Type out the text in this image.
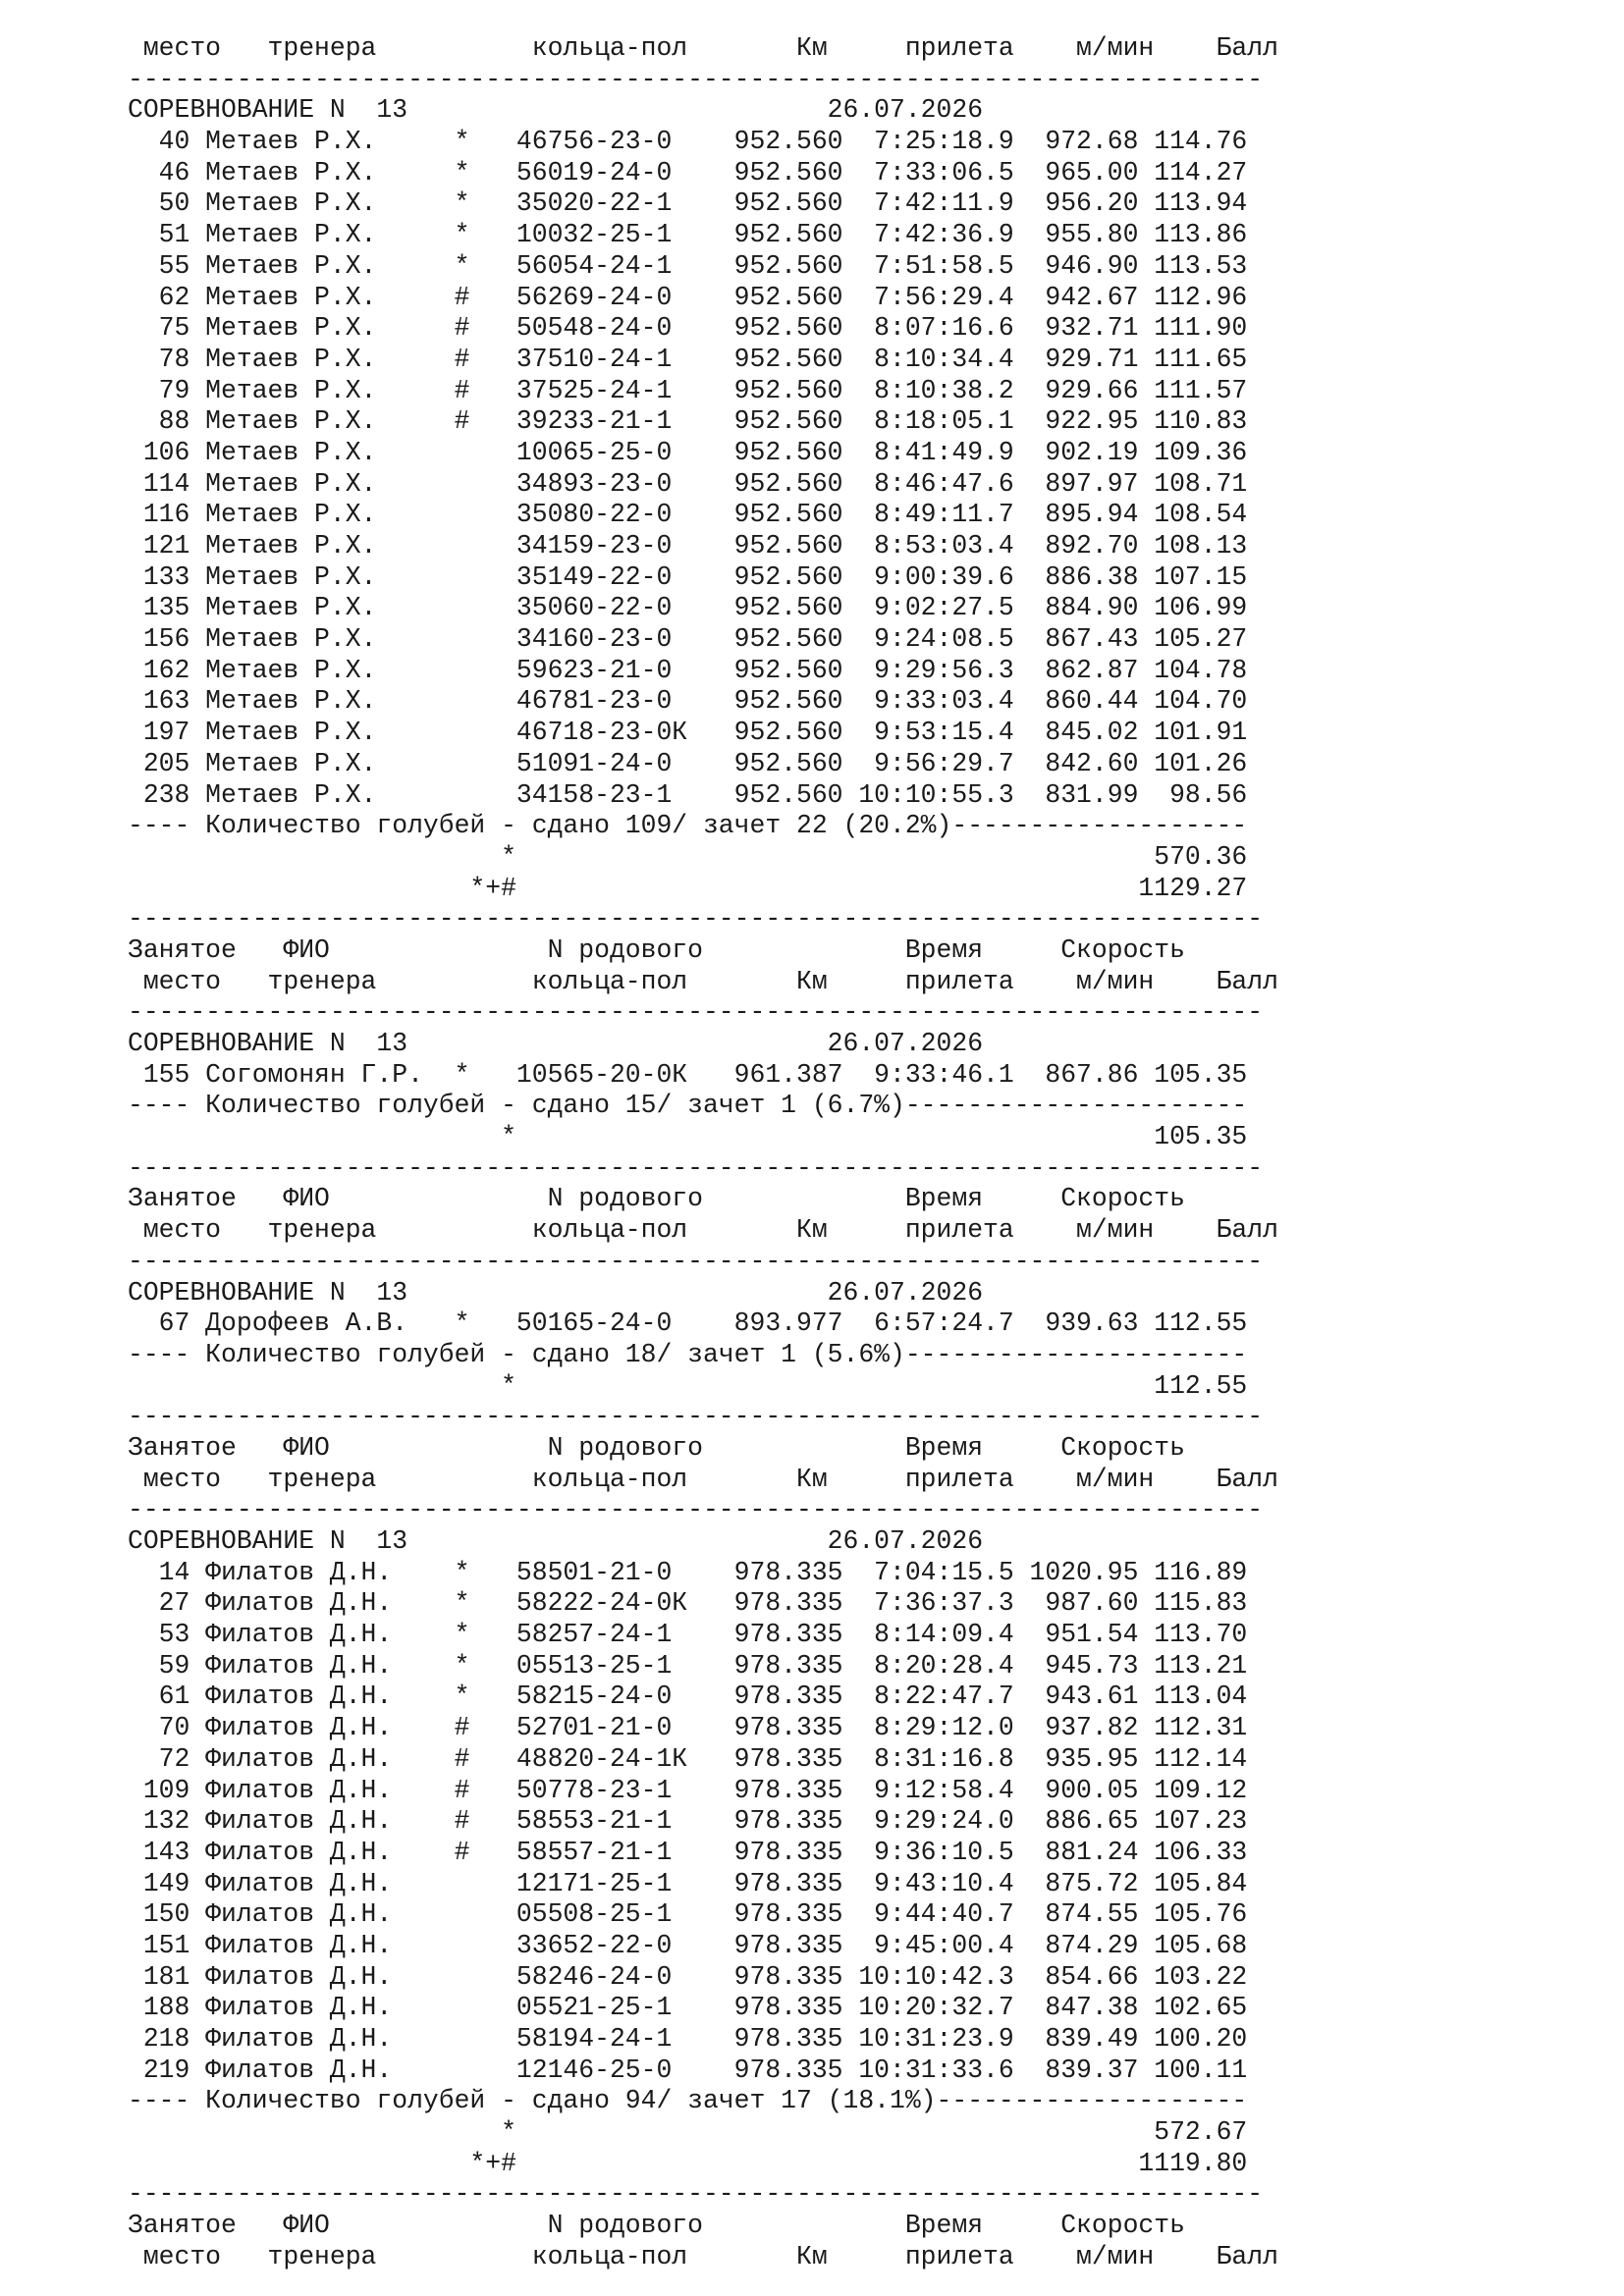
место   тренера          кольца-пол       Км     прилета    м/мин    Балл
-------------------------------------------------------------------------
СОРЕВНОВАНИЕ N  13                           26.07.2026
40 Метаев Р.Х.     *   46756-23-0    952.560  7:25:18.9  972.68 114.76
46 Метаев Р.Х.     *   56019-24-0    952.560  7:33:06.5  965.00 114.27
50 Метаев Р.Х.     *   35020-22-1    952.560  7:42:11.9  956.20 113.94
51 Метаев Р.Х.     *   10032-25-1    952.560  7:42:36.9  955.80 113.86
55 Метаев Р.Х.     *   56054-24-1    952.560  7:51:58.5  946.90 113.53
62 Метаев Р.Х.     #   56269-24-0    952.560  7:56:29.4  942.67 112.96
75 Метаев Р.Х.     #   50548-24-0    952.560  8:07:16.6  932.71 111.90
78 Метаев Р.Х.     #   37510-24-1    952.560  8:10:34.4  929.71 111.65
79 Метаев Р.Х.     #   37525-24-1    952.560  8:10:38.2  929.66 111.57
88 Метаев Р.Х.     #   39233-21-1    952.560  8:18:05.1  922.95 110.83
106 Метаев Р.Х.         10065-25-0    952.560  8:41:49.9  902.19 109.36
114 Метаев Р.Х.         34893-23-0    952.560  8:46:47.6  897.97 108.71
116 Метаев Р.Х.         35080-22-0    952.560  8:49:11.7  895.94 108.54
121 Метаев Р.Х.         34159-23-0    952.560  8:53:03.4  892.70 108.13
133 Метаев Р.Х.         35149-22-0    952.560  9:00:39.6  886.38 107.15
135 Метаев Р.Х.         35060-22-0    952.560  9:02:27.5  884.90 106.99
156 Метаев Р.Х.         34160-23-0    952.560  9:24:08.5  867.43 105.27
162 Метаев Р.Х.         59623-21-0    952.560  9:29:56.3  862.87 104.78
163 Метаев Р.Х.         46781-23-0    952.560  9:33:03.4  860.44 104.70
197 Метаев Р.Х.         46718-23-0К   952.560  9:53:15.4  845.02 101.91
205 Метаев Р.Х.         51091-24-0    952.560  9:56:29.7  842.60 101.26
238 Метаев Р.Х.         34158-23-1    952.560 10:10:55.3  831.99  98.56
---- Количество голубей - сдано 109/ зачет 22 (20.2%)-------------------
*                                         570.36
*+#                                        1129.27
-------------------------------------------------------------------------
Занятое   ФИО              N родового             Время     Скорость
место   тренера          кольца-пол       Км     прилета    м/мин    Балл
-------------------------------------------------------------------------
СОРЕВНОВАНИЕ N  13                           26.07.2026
155 Согомонян Г.Р.  *   10565-20-0К   961.387  9:33:46.1  867.86 105.35
---- Количество голубей - сдано 15/ зачет 1 (6.7%)----------------------
*                                         105.35
-------------------------------------------------------------------------
Занятое   ФИО              N родового             Время     Скорость
место   тренера          кольца-пол       Км     прилета    м/мин    Балл
-------------------------------------------------------------------------
СОРЕВНОВАНИЕ N  13                           26.07.2026
67 Дорофеев А.В.   *   50165-24-0    893.977  6:57:24.7  939.63 112.55
---- Количество голубей - сдано 18/ зачет 1 (5.6%)----------------------
*                                         112.55
-------------------------------------------------------------------------
Занятое   ФИО              N родового             Время     Скорость
место   тренера          кольца-пол       Км     прилета    м/мин    Балл
-------------------------------------------------------------------------
СОРЕВНОВАНИЕ N  13                           26.07.2026
14 Филатов Д.Н.    *   58501-21-0    978.335  7:04:15.5 1020.95 116.89
27 Филатов Д.Н.    *   58222-24-0К   978.335  7:36:37.3  987.60 115.83
53 Филатов Д.Н.    *   58257-24-1    978.335  8:14:09.4  951.54 113.70
59 Филатов Д.Н.    *   05513-25-1    978.335  8:20:28.4  945.73 113.21
61 Филатов Д.Н.    *   58215-24-0    978.335  8:22:47.7  943.61 113.04
70 Филатов Д.Н.    #   52701-21-0    978.335  8:29:12.0  937.82 112.31
72 Филатов Д.Н.    #   48820-24-1К   978.335  8:31:16.8  935.95 112.14
109 Филатов Д.Н.    #   50778-23-1    978.335  9:12:58.4  900.05 109.12
132 Филатов Д.Н.    #   58553-21-1    978.335  9:29:24.0  886.65 107.23
143 Филатов Д.Н.    #   58557-21-1    978.335  9:36:10.5  881.24 106.33
149 Филатов Д.Н.        12171-25-1    978.335  9:43:10.4  875.72 105.84
150 Филатов Д.Н.        05508-25-1    978.335  9:44:40.7  874.55 105.76
151 Филатов Д.Н.        33652-22-0    978.335  9:45:00.4  874.29 105.68
181 Филатов Д.Н.        58246-24-0    978.335 10:10:42.3  854.66 103.22
188 Филатов Д.Н.        05521-25-1    978.335 10:20:32.7  847.38 102.65
218 Филатов Д.Н.        58194-24-1    978.335 10:31:23.9  839.49 100.20
219 Филатов Д.Н.        12146-25-0    978.335 10:31:33.6  839.37 100.11
---- Количество голубей - сдано 94/ зачет 17 (18.1%)--------------------
*                                         572.67
*+#                                        1119.80
-------------------------------------------------------------------------
Занятое   ФИО              N родового             Время     Скорость
место   тренера          кольца-пол       Км     прилета    м/мин    Балл
